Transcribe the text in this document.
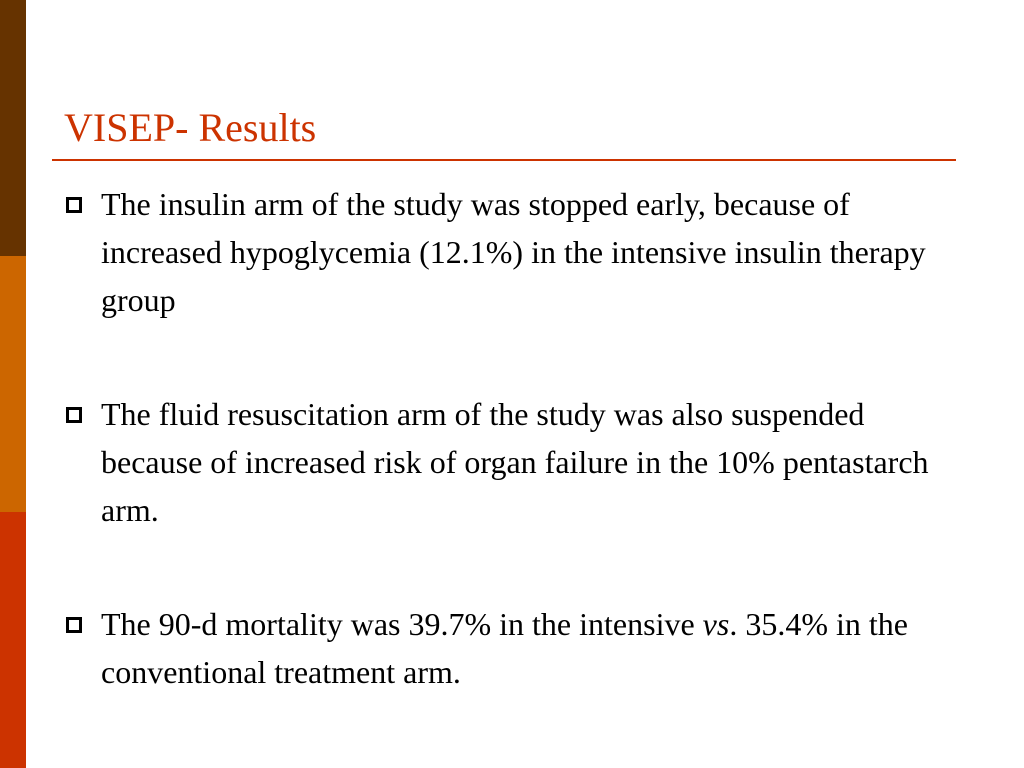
VISEP- Results
The insulin arm of the study was stopped early, because of increased hypoglycemia (12.1%) in the intensive insulin therapy group
The fluid resuscitation arm of the study was also suspended because of increased risk of organ failure in the 10% pentastarch arm.
The 90-d mortality was 39.7% in the intensive vs. 35.4% in the conventional treatment arm.
